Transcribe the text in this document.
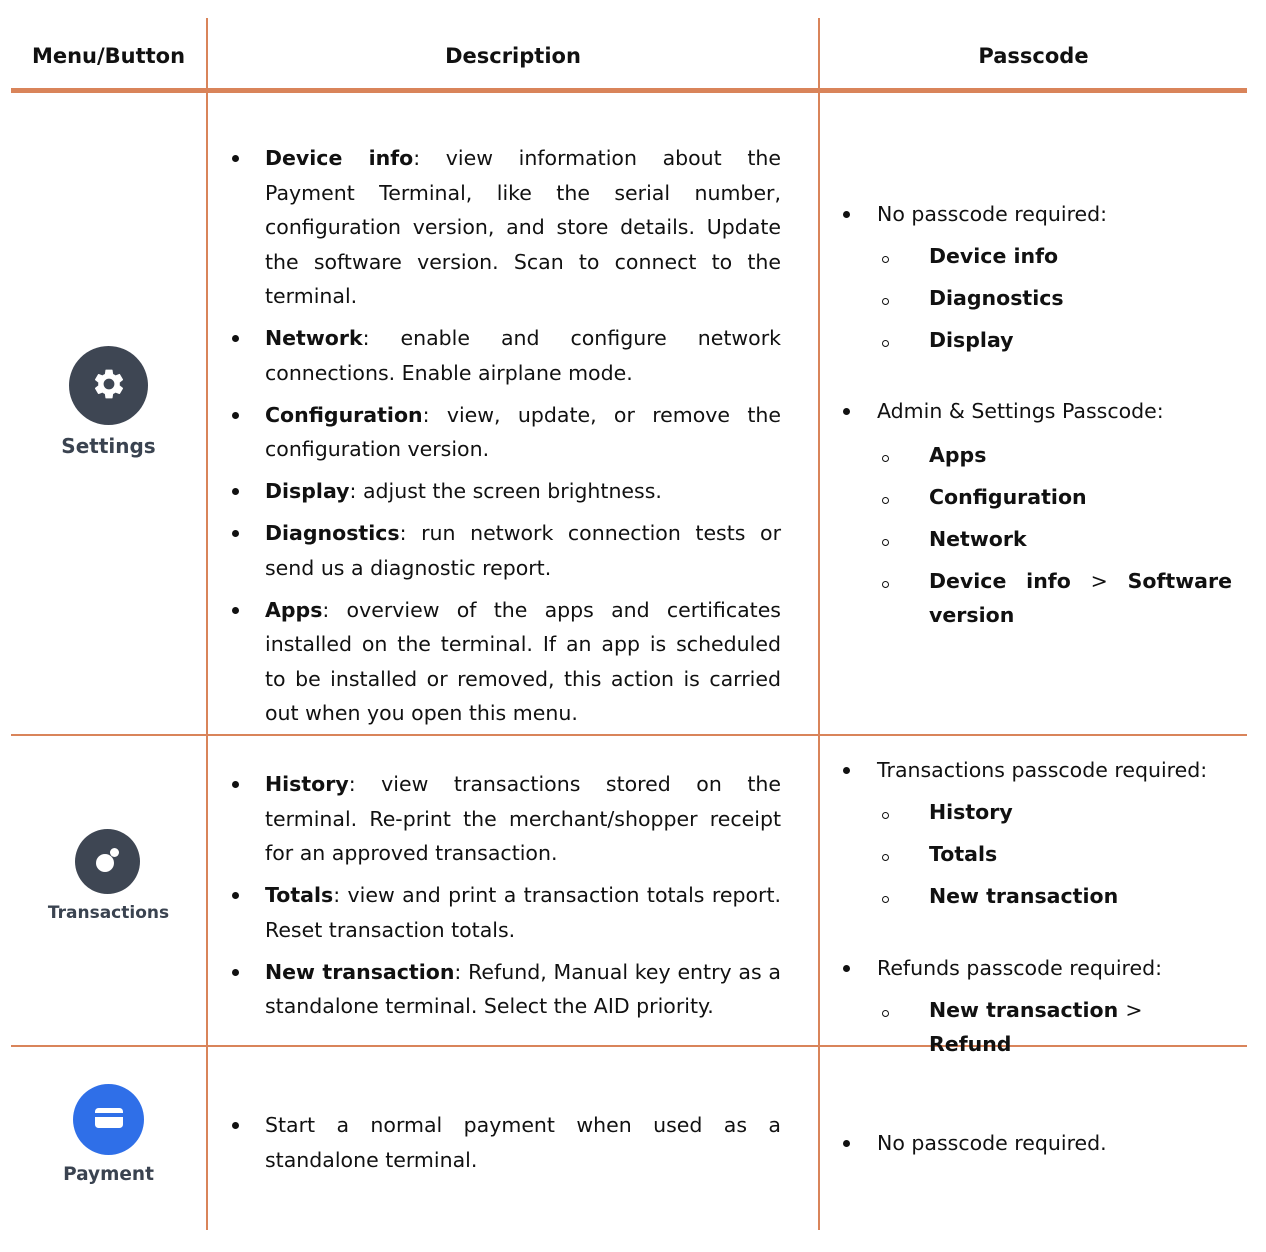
Menu/Button	Description	Passcode
Settings
Device info: view information about the Payment Terminal, like the serial number, configuration version, and store details. Update the software version. Scan to connect to the terminal.
Network: enable and configure network connections. Enable airplane mode.
Configuration: view, update, or remove the configuration version.
Display: adjust the screen brightness.
Diagnostics: run network connection tests or send us a diagnostic report.
Apps: overview of the apps and certificates installed on the terminal. If an app is scheduled to be installed or removed, this action is carried out when you open this menu.
No passcode required:
Device info
Diagnostics
Display
Admin & Settings Passcode:
Apps
Configuration
Network
Device info > Software version
Transactions
History: view transactions stored on the terminal. Re-print the merchant/shopper receipt for an approved transaction.
Totals: view and print a transaction totals report. Reset transaction totals.
New transaction: Refund, Manual key entry as a standalone terminal. Select the AID priority.
Transactions passcode required:
History
Totals
New transaction
Refunds passcode required:
New transaction > Refund
Payment
Start a normal payment when used as a standalone terminal.
No passcode required.
